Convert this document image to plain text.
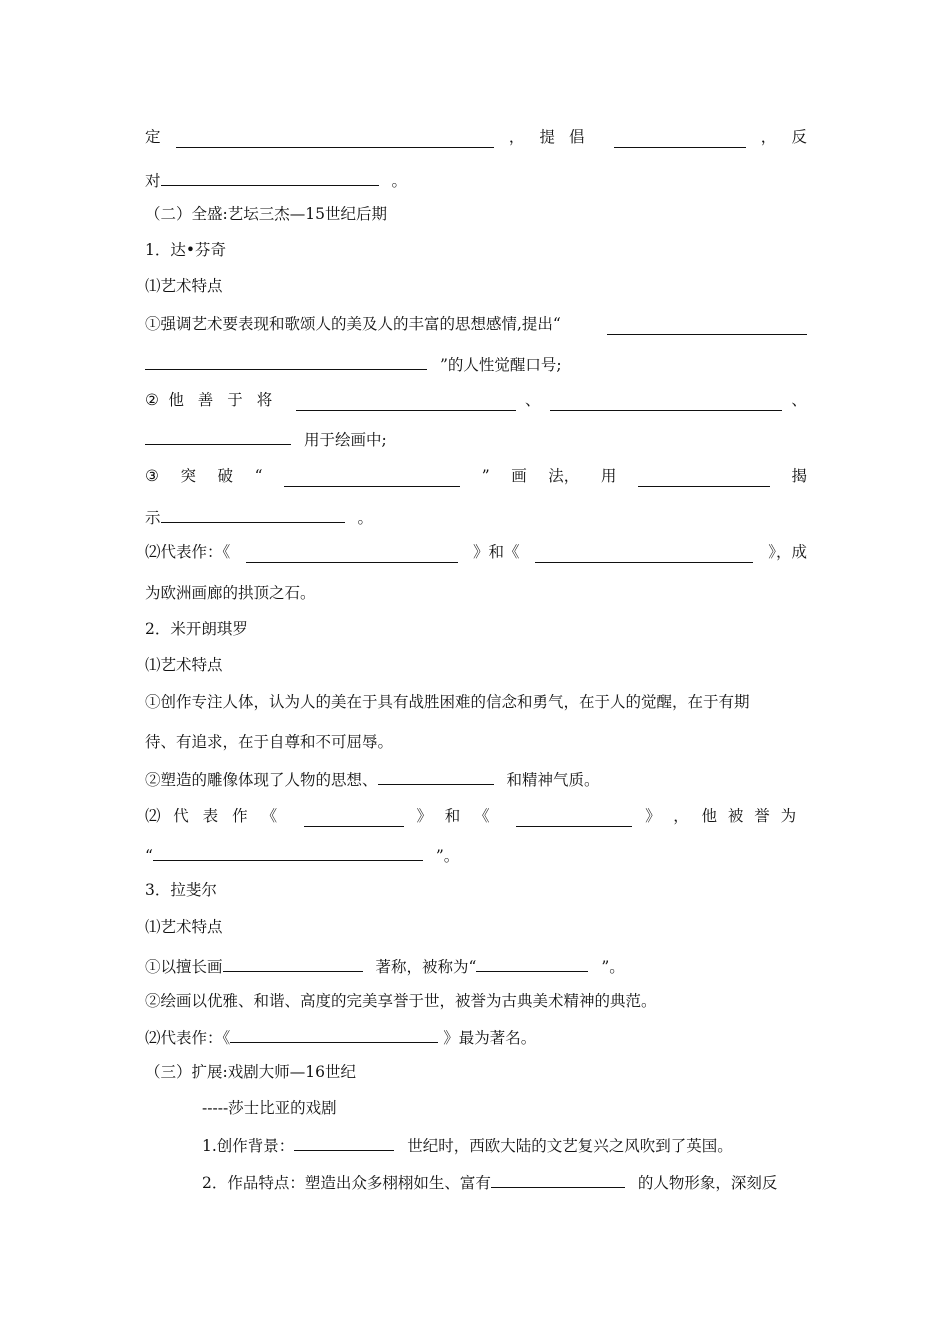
定	， 提倡	， 反
对	。
（二）全盛:艺坛三杰—15世纪后期
1．达•芬奇
⑴艺术特点
①强调艺术要表现和歌颂人的美及人的丰富的思想感情,提出“
”的人性觉醒口号;
② 他善于将	、	、
用于绘画中;
③ 突 破 “	” 画 法， 用	揭
示	。
⑵代表作：《	》和《	》，成
为欧洲画廊的拱顶之石。
2．米开朗琪罗
⑴艺术特点
①创作专注人体，认为人的美在于具有战胜困难的信念和勇气，在于人的觉醒，在于有期
待、有追求，在于自尊和不可屈辱。
②塑造的雕像体现了人物的思想、	和精神气质。
⑵ 代表作《	》 和《	》 ， 他被誉为
“	”。
3．拉斐尔
⑴艺术特点
①以擅长画	著称，被称为“	”。
②绘画以优雅、和谐、高度的完美享誉于世，被誉为古典美术精神的典范。
⑵代表作：《	》最为著名。
（三）扩展:戏剧大师—16世纪
-----莎士比亚的戏剧
1.创作背景：	世纪时，西欧大陆的文艺复兴之风吹到了英国。
2．作品特点：塑造出众多栩栩如生、富有	的人物形象，深刻反
